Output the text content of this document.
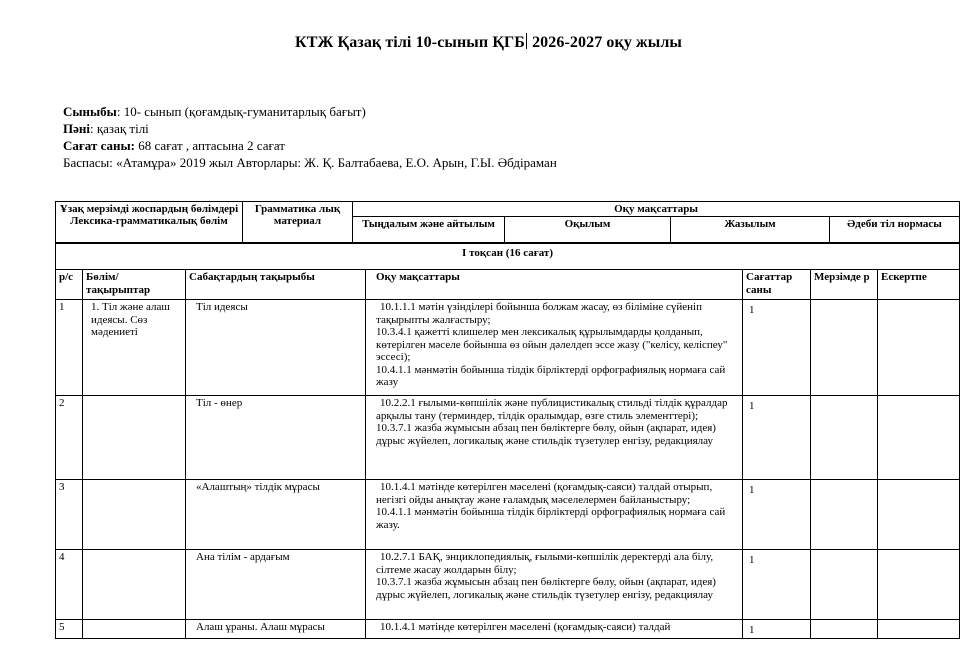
КТЖ Қазақ тілі 10-сынып ҚГБ 2026-2027 оқу жылы
Сыныбы: 10- сынып (қоғамдық-гуманитарлық бағыт)
Пәні: қазақ тілі
Сағат саны: 68 сағат , аптасына 2 сағат
Баспасы: «Атамұра» 2019 жыл Авторлары: Ж. Қ. Балтабаева, Е.О. Арын, Г.Ы. Әбдіраман
Ұзақ мерзімді жоспардың бөлімдері Лексика-грамматикалық бөлім	Грамматика лық материал	Оқу мақсаттары			
		Тыңдалым және айтылым	Оқылым	Жазылым	Әдеби тіл нормасы
І тоқсан (16 сағат)						
р/с	Бөлім/ тақырыптар	Сабақтардың тақырыбы	Оқу мақсаттары	Сағаттар саны	Мерзімде р	Ескертпе
1	1. Тіл және алаш идеясы. Сөз мәдениеті	Тіл идеясы	10.1.1.1 мәтін үзінділері бойынша болжам жасау, өз біліміне сүйеніп тақырыпты жалғастыру;

10.3.4.1 қажетті клишелер мен лексикалық құрылымдарды қолданып, көтерілген мәселе бойынша өз ойын дәлелдеп эссе жазу ("келісу, келіспеу" эссесі);

10.4.1.1 мәнмәтін бойынша тілдік бірліктерді орфографиялық нормаға сай жазу	1		
2		Тіл - өнер	10.2.2.1 ғылыми-көпшілік және публицистикалық стильді тілдік құралдар арқылы тану (терминдер, тілдік оралымдар, өзге стиль элементтері);

10.3.7.1 жазба жұмысын абзац пен бөліктерге бөлу, ойын (ақпарат, идея) дұрыс жүйелеп, логикалық және стильдік түзетулер енгізу, редакциялау	1		
3		«Алаштың» тілдік мұрасы	10.1.4.1 мәтінде көтерілген мәселені (қоғамдық-саяси) талдай отырып, негізгі ойды анықтау және ғаламдық мәселелермен байланыстыру;

10.4.1.1 мәнмәтін бойынша тілдік бірліктерді орфографиялық нормаға сай жазу.	1		
4		Ана тілім - ардағым	10.2.7.1 БАҚ, энциклопедиялық, ғылыми-көпшілік деректерді ала білу, сілтеме жасау жолдарын білу;

10.3.7.1 жазба жұмысын абзац пен бөліктерге бөлу, ойын (ақпарат, идея) дұрыс жүйелеп, логикалық және стильдік түзетулер енгізу, редакциялау	1		
5		Алаш ұраны. Алаш мұрасы	10.1.4.1 мәтінде көтерілген мәселені (қоғамдық-саяси) талдай	1		
